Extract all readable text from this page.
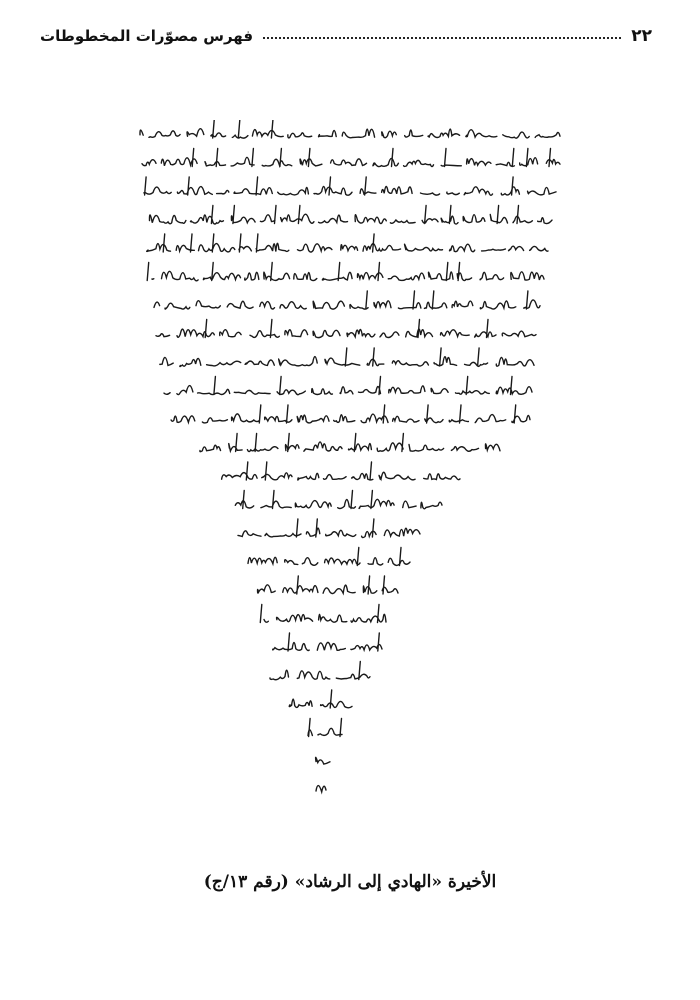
٢٢
فهرس مصوّرات المخطوطات
الأخيرة «الهادي إلى الرشاد» (رقم ١٣/ج)
